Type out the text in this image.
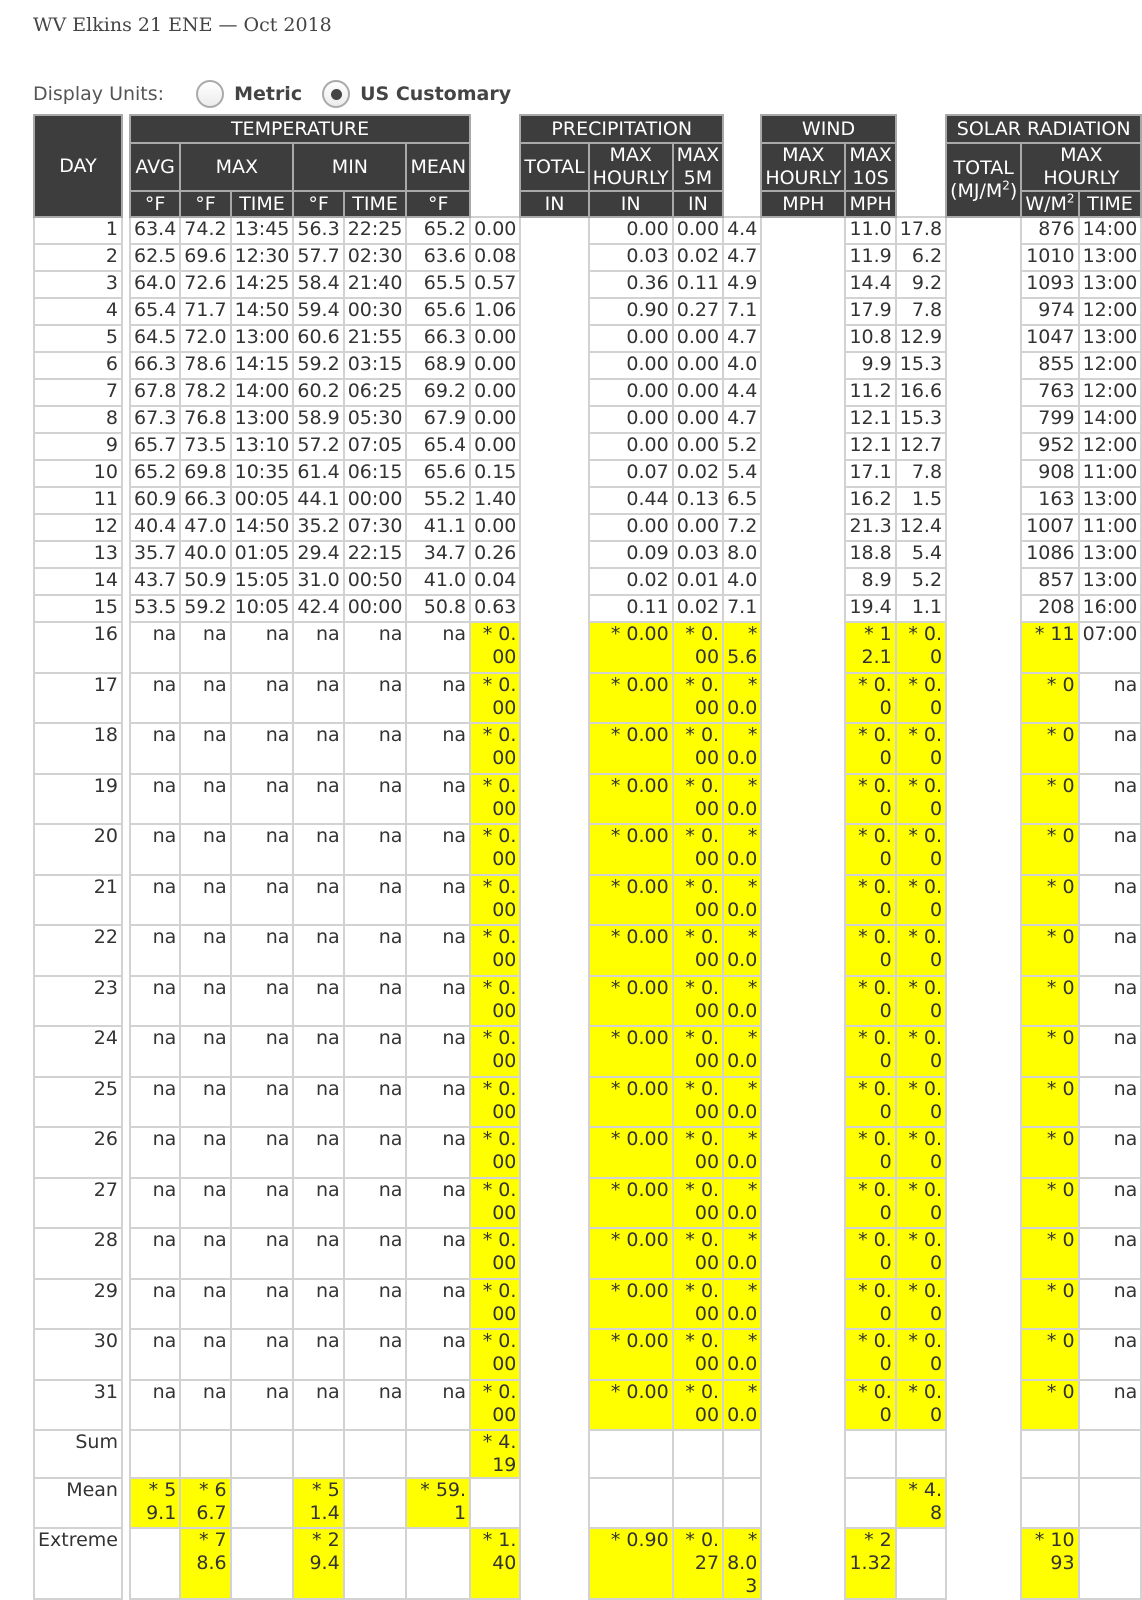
WV Elkins 21 ENE — Oct 2018
Display Units:	Metric	US Customary
DAY		TEMPERATURE							PRECIPITATION				WIND			SOLAR RADIATION		
		AVG	MAX		MIN		MEAN		TOTAL	MAX HOURLY	MAX 5M		MAX HOURLY	MAX 10S		TOTAL $(MJ/M^2)$	MAX HOURLY	
		°F	°F	TIME	°F	TIME	°F		IN	IN	IN		MPH	MPH			$W/M^2$	TIME
1		63.4	74.2	13:45	56.3	22:25	65.2	0.00		0.00	0.00	4.4		11.0	17.8		876	14:00
2		62.5	69.6	12:30	57.7	02:30	63.6	0.08		0.03	0.02	4.7		11.9	6.2		1010	13:00
3		64.0	72.6	14:25	58.4	21:40	65.5	0.57		0.36	0.11	4.9		14.4	9.2		1093	13:00
4		65.4	71.7	14:50	59.4	00:30	65.6	1.06		0.90	0.27	7.1		17.9	7.8		974	12:00
5		64.5	72.0	13:00	60.6	21:55	66.3	0.00		0.00	0.00	4.7		10.8	12.9		1047	13:00
6		66.3	78.6	14:15	59.2	03:15	68.9	0.00		0.00	0.00	4.0		9.9	15.3		855	12:00
7		67.8	78.2	14:00	60.2	06:25	69.2	0.00		0.00	0.00	4.4		11.2	16.6		763	12:00
8		67.3	76.8	13:00	58.9	05:30	67.9	0.00		0.00	0.00	4.7		12.1	15.3		799	14:00
9		65.7	73.5	13:10	57.2	07:05	65.4	0.00		0.00	0.00	5.2		12.1	12.7		952	12:00
10		65.2	69.8	10:35	61.4	06:15	65.6	0.15		0.07	0.02	5.4		17.1	7.8		908	11:00
11		60.9	66.3	00:05	44.1	00:00	55.2	1.40		0.44	0.13	6.5		16.2	1.5		163	13:00
12		40.4	47.0	14:50	35.2	07:30	41.1	0.00		0.00	0.00	7.2		21.3	12.4		1007	11:00
13		35.7	40.0	01:05	29.4	22:15	34.7	0.26		0.09	0.03	8.0		18.8	5.4		1086	13:00
14		43.7	50.9	15:05	31.0	00:50	41.0	0.04		0.02	0.01	4.0		8.9	5.2		857	13:00
15		53.5	59.2	10:05	42.4	00:00	50.8	0.63		0.11	0.02	7.1		19.4	1.1		208	16:00
16		na	na	na	na	na	na	* 0.00		* 0.00	* 0.00	* 5.6		* 12.1	* 0.0		* 11	07:00
17		na	na	na	na	na	na	* 0.00		* 0.00	* 0.00	* 0.0		* 0.0	* 0.0		* 0	na
18		na	na	na	na	na	na	* 0.00		* 0.00	* 0.00	* 0.0		* 0.0	* 0.0		* 0	na
19		na	na	na	na	na	na	* 0.00		* 0.00	* 0.00	* 0.0		* 0.0	* 0.0		* 0	na
20		na	na	na	na	na	na	* 0.00		* 0.00	* 0.00	* 0.0		* 0.0	* 0.0		* 0	na
21		na	na	na	na	na	na	* 0.00		* 0.00	* 0.00	* 0.0		* 0.0	* 0.0		* 0	na
22		na	na	na	na	na	na	* 0.00		* 0.00	* 0.00	* 0.0		* 0.0	* 0.0		* 0	na
23		na	na	na	na	na	na	* 0.00		* 0.00	* 0.00	* 0.0		* 0.0	* 0.0		* 0	na
24		na	na	na	na	na	na	* 0.00		* 0.00	* 0.00	* 0.0		* 0.0	* 0.0		* 0	na
25		na	na	na	na	na	na	* 0.00		* 0.00	* 0.00	* 0.0		* 0.0	* 0.0		* 0	na
26		na	na	na	na	na	na	* 0.00		* 0.00	* 0.00	* 0.0		* 0.0	* 0.0		* 0	na
27		na	na	na	na	na	na	* 0.00		* 0.00	* 0.00	* 0.0		* 0.0	* 0.0		* 0	na
28		na	na	na	na	na	na	* 0.00		* 0.00	* 0.00	* 0.0		* 0.0	* 0.0		* 0	na
29		na	na	na	na	na	na	* 0.00		* 0.00	* 0.00	* 0.0		* 0.0	* 0.0		* 0	na
30		na	na	na	na	na	na	* 0.00		* 0.00	* 0.00	* 0.0		* 0.0	* 0.0		* 0	na
31		na	na	na	na	na	na	* 0.00		* 0.00	* 0.00	* 0.0		* 0.0	* 0.0		* 0	na
Sum								* 4.19										
Mean		* 59.1	* 66.7		* 51.4		* 59.1								* 4.8			
Extreme			* 78.6		* 29.4			* 1.40		* 0.90	* 0.27	* 8.03		* 21.32			* 1093	
